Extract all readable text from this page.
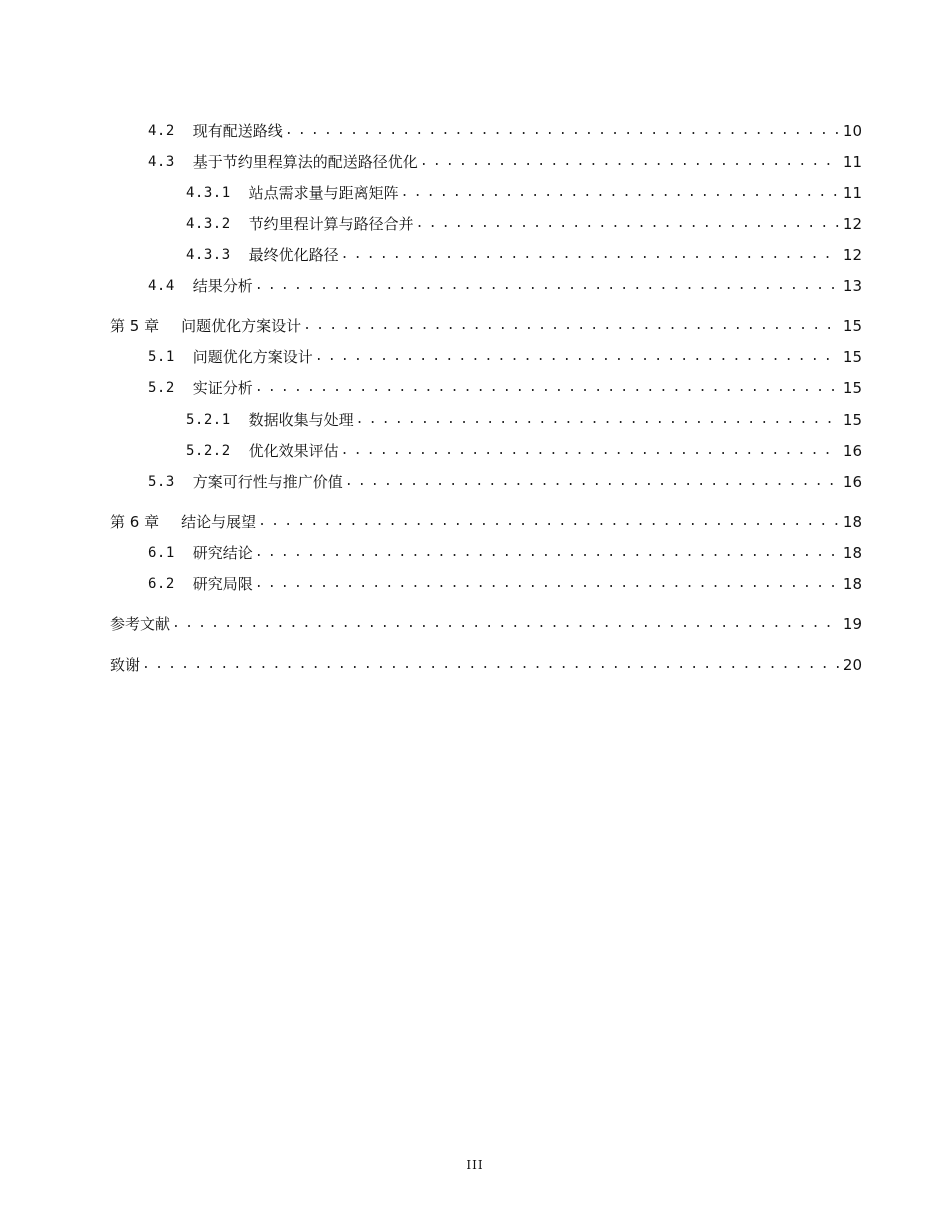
4.2 现有配送路线 . . .	10
4.3 基于节约里程算法的配送路径优化 . . .	11
4.3.1 站点需求量与距离矩阵 . . .	11
4.3.2 节约里程计算与路径合并 . . .	12
4.3.3 最终优化路径 . . .	12
4.4 结果分析 . . .	13
第 5 章 问题优化方案设计 . . .	15
5.1 问题优化方案设计 . . .	15
5.2 实证分析 . . .	15
5.2.1 数据收集与处理 . . .	15
5.2.2 优化效果评估 . . .	16
5.3 方案可行性与推广价值 . . .	16
第 6 章 结论与展望 . . .	18
6.1 研究结论 . . .	18
6.2 研究局限 . . .	18
参考文献 . . .	19
致谢 . . .	20
III
